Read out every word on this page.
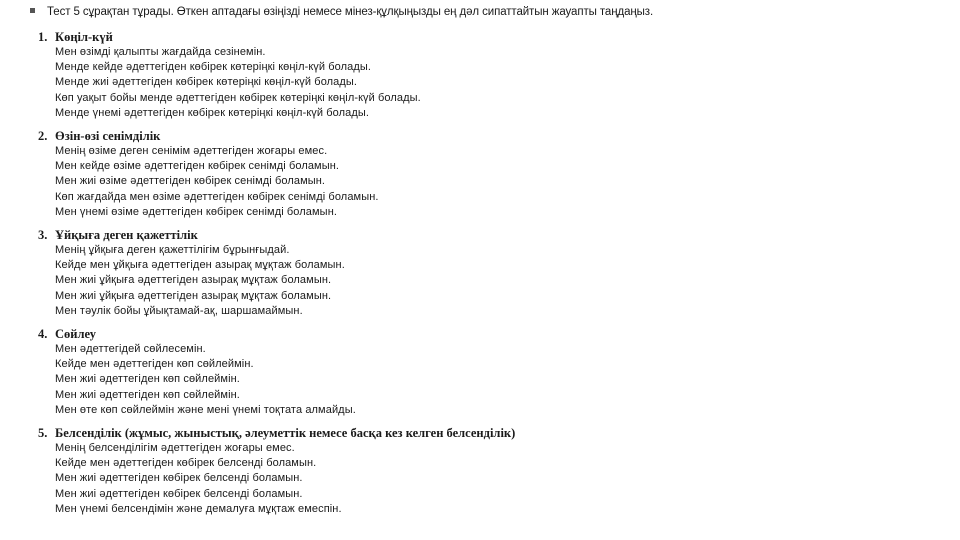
Тест 5 сұрақтан тұрады. Өткен аптадағы өзіңізді немесе мінез-құлқыңызды ең дәл сипаттайтын жауапты таңдаңыз.
1. Көңіл-күй
Мен өзімді қалыпты жағдайда сезінемін.
Менде кейде әдеттегіден көбірек көтеріңкі көңіл-күй болады.
Менде жиі әдеттегіден көбірек көтеріңкі көңіл-күй болады.
Көп уақыт бойы менде әдеттегіден көбірек көтеріңкі көңіл-күй болады.
Менде үнемі әдеттегіден көбірек көтеріңкі көңіл-күй болады.
2. Өзін-өзі сенімділік
Менің өзіме деген сенімім әдеттегіден жоғары емес.
Мен кейде өзіме әдеттегіден көбірек сенімді боламын.
Мен жиі өзіме әдеттегіден көбірек сенімді боламын.
Көп жағдайда мен өзіме әдеттегіден көбірек сенімді боламын.
Мен үнемі өзіме әдеттегіден көбірек сенімді боламын.
3. Ұйқыға деген қажеттілік
Менің ұйқыға деген қажеттілігім бұрынғыдай.
Кейде мен ұйқыға әдеттегіден азырақ мұқтаж боламын.
Мен жиі ұйқыға әдеттегіден азырақ мұқтаж боламын.
Мен жиі ұйқыға әдеттегіден азырақ мұқтаж боламын.
Мен тәулік бойы ұйықтамай-ақ, шаршамаймын.
4. Сөйлеу
Мен әдеттегідей сөйлесемін.
Кейде мен әдеттегіден көп сөйлеймін.
Мен жиі әдеттегіден көп сөйлеймін.
Мен жиі әдеттегіден көп сөйлеймін.
Мен өте көп сөйлеймін және мені үнемі тоқтата алмайды.
5. Белсенділік (жұмыс, жыныстық, әлеуметтік немесе басқа кез келген белсенділік)
Менің белсенділігім әдеттегіден жоғары емес.
Кейде мен әдеттегіден көбірек белсенді боламын.
Мен жиі әдеттегіден көбірек белсенді боламын.
Мен жиі әдеттегіден көбірек белсенді боламын.
Мен үнемі белсендімін және демалуға мұқтаж емеспін.
